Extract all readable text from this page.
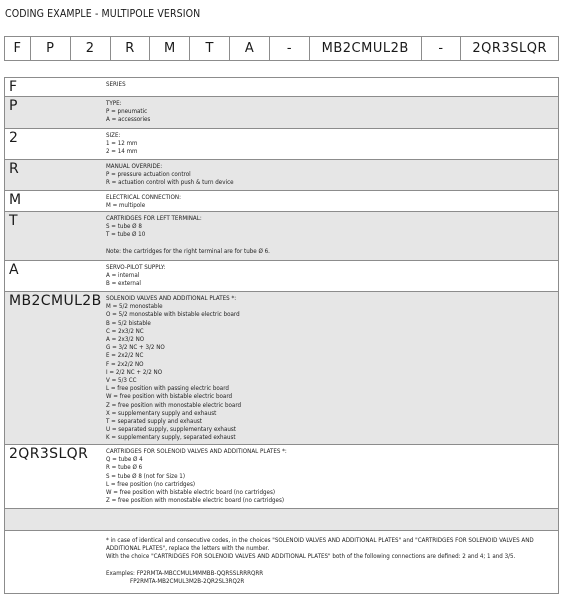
CODING EXAMPLE - MULTIPOLE VERSION
F	P	2	R	M	T	A	-	MB2CMUL2B	-	2QR3SLQR
F	SERIES
P	TYPE:
P = pneumatic
A = accessories
2	SIZE:
1 = 12 mm
2 = 14 mm
R	MANUAL OVERRIDE:
P = pressure actuation control
R = actuation control with push & turn device
M	ELECTRICAL CONNECTION:
M = multipole
T	CARTRIDGES FOR LEFT TERMINAL:
S = tube Ø 8
T = tube Ø 10
Note: the cartridges for the right terminal are for tube Ø 6.
A	SERVO-PILOT SUPPLY:
A = internal
B = external
MB2CMUL2B SOLENOID VALVES AND ADDITIONAL PLATES *:
M = 5/2 monostable
O = 5/2 monostable with bistable electric board
B = 5/2 bistable
C = 2x3/2 NC
A = 2x3/2 NO
G = 3/2 NC + 3/2 NO
E = 2x2/2 NC
F = 2x2/2 NO
I = 2/2 NC + 2/2 NO
V = 5/3 CC
L = free position with passing electric board
W = free position with bistable electric board
Z = free position with monostable electric board
X = supplementary supply and exhaust
T = separated supply and exhaust
U = separated supply, supplementary exhaust
K = supplementary supply, separated exhaust
2QR3SLQR	CARTRIDGES FOR SOLENOID VALVES AND ADDITIONAL PLATES *:
Q = tube Ø 4
R = tube Ø 6
S = tube Ø 8 (not for Size 1)
L = free position (no cartridges)
W = free position with bistable electric board (no cartridges)
Z = free position with monostable electric board (no cartridges)
* in case of identical and consecutive codes, in the choices "SOLENOID VALVES AND ADDITIONAL PLATES" and "CARTRIDGES FOR SOLENOID VALVES AND
ADDITIONAL PLATES", replace the letters with the number.
With the choice "CARTRIDGES FOR SOLENOID VALVES AND ADDITIONAL PLATES" both of the following connections are defined: 2 and 4; 1 and 3/5.
Examples: FP2RMTA-MBCCMULMMMBB-QQRSSLRRRQRR
FP2RMTA-MB2CMUL3M2B-2QR2SL3RQ2R
